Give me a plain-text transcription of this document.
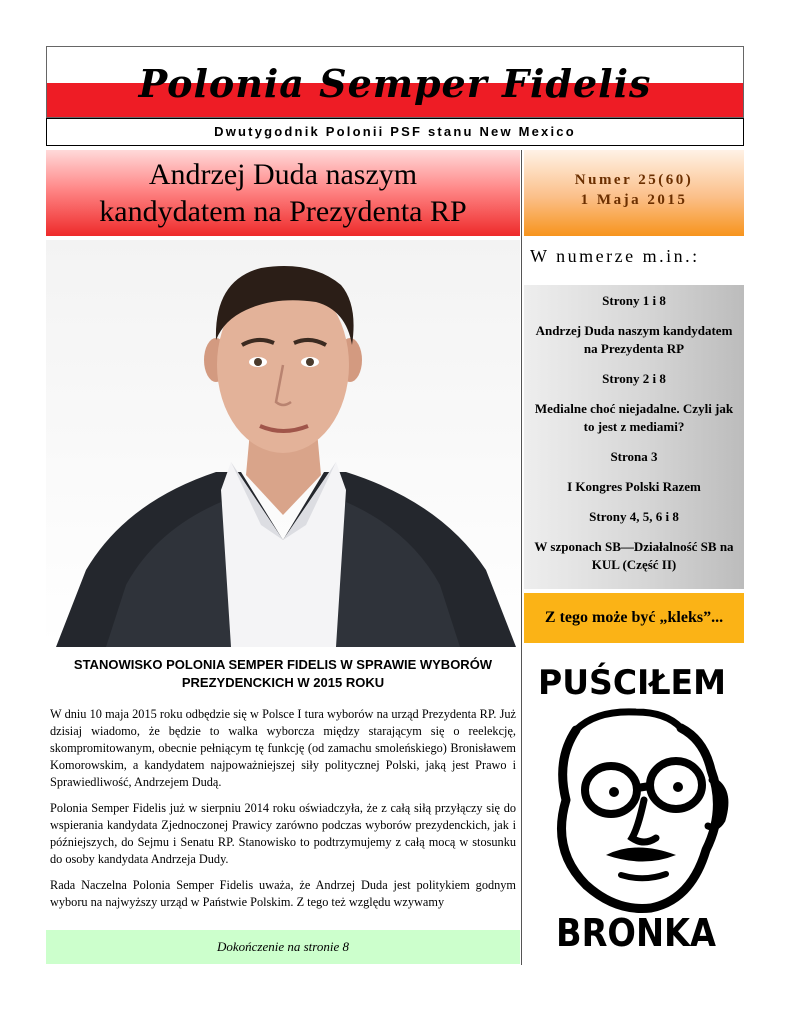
Polonia Semper Fidelis
Dwutygodnik Polonii PSF stanu New Mexico
Andrzej Duda naszym
kandydatem na Prezydenta RP
Numer 25(60)
1 Maja 2015
STANOWISKO POLONIA SEMPER FIDELIS W SPRAWIE WYBORÓW PREZYDENCKICH W 2015 ROKU

W dniu 10 maja 2015 roku odbędzie się w Polsce I tura wyborów na urząd Prezydenta RP. Już dzisiaj wiadomo, że będzie to walka wyborcza między starającym się o reelekcję, skompromitowanym, obecnie pełniącym tę funkcję (od zamachu smoleńskiego) Bronisławem Komorowskim, a kandydatem najpoważniejszej siły politycznej Polski, jaką jest Prawo i Sprawiedliwość, Andrzejem Dudą.

Polonia Semper Fidelis już w sierpniu 2014 roku oświadczyła, że z całą siłą przyłączy się do wspierania kandydata Zjednoczonej Prawicy zarówno podczas wyborów prezydenckich, jak i późniejszych, do Sejmu i Senatu RP. Stanowisko to podtrzymujemy z całą mocą w stosunku do osoby kandydata Andrzeja Dudy.

Rada Naczelna Polonia Semper Fidelis uważa, że Andrzej Duda jest politykiem godnym wyboru na najwyższy urząd w Państwie Polskim. Z tego też względu wzywamy

Dokończenie na stronie 8
W numerze m.in.:
Strony 1 i 8
Andrzej Duda naszym kandydatem na Prezydenta RP
Strony 2 i 8
Medialne choć niejadalne. Czyli jak to jest z mediami?
Strona 3
I Kongres Polski Razem
Strony 4, 5, 6 i 8
W szponach SB—Działalność SB na KUL (Część II)
Z tego może być „kleks”...
PUŚCIŁEM
BRONKA
